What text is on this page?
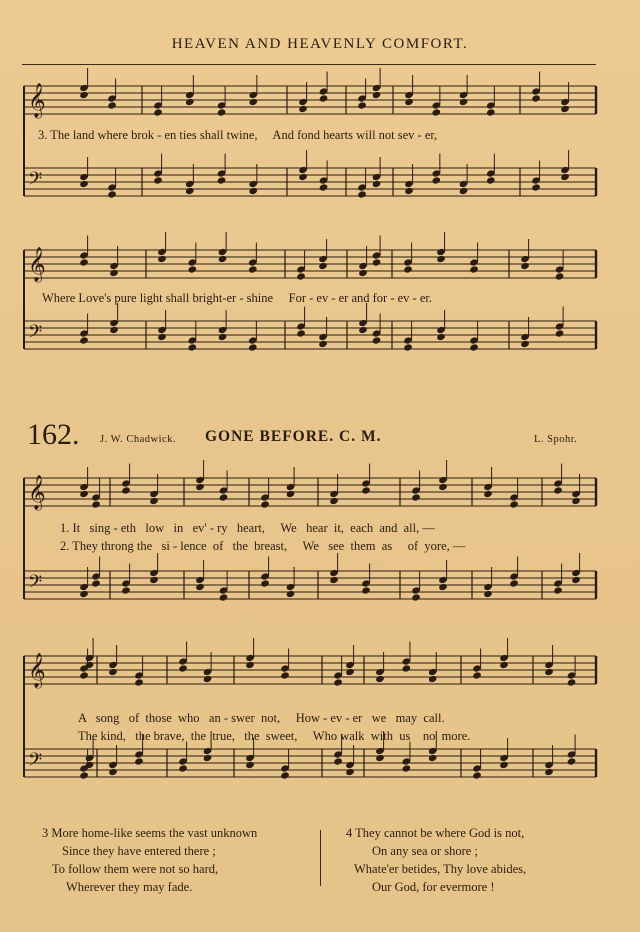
HEAVEN AND HEAVENLY COMFORT.
𝄞
𝄢
𝄞
𝄢
𝄞
𝄢
𝄞
𝄢
3. The land where brok - en ties shall twine,     And fond hearts will not sev - er,
Where Love's pure light shall bright-er - shine     For - ev - er and for - ev - er.
162. J. W. Chadwick. GONE BEFORE. C. M.	L. Spohr.
1. It   sing - eth   low   in   ev' - ry   heart,     We   hear  it,  each  and  all, —
2. They throng the   si - lence  of   the  breast,     We   see  them  as     of  yore, —
A   song   of  those  who   an - swer  not,     How - ev - er   we   may  call.
The kind,   the brave,  the  true,   the  sweet,     Who walk  with  us    no  more.
3 More home-like seems the vast unknown
Since they have entered there ;
To follow them were not so hard,
Wherever they may fade.
4 They cannot be where God is not,
On any sea or shore ;
Whate'er betides, Thy love abides,
Our God, for evermore !
